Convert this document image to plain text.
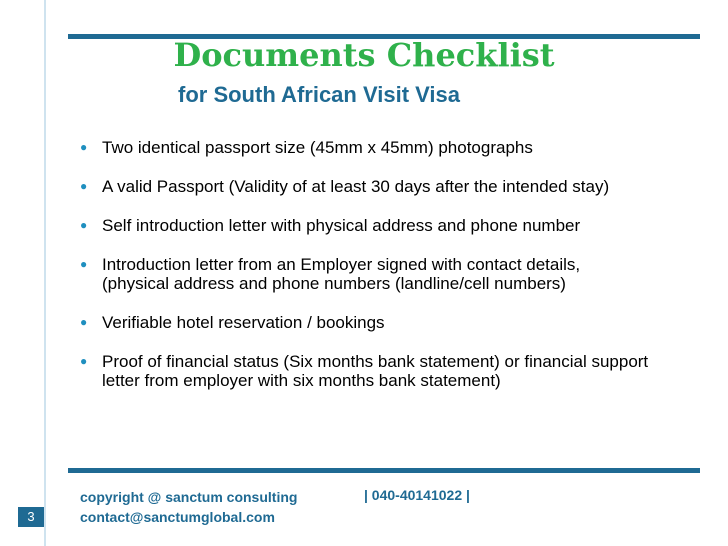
Documents Checklist
for South African Visit Visa
● Two identical passport size (45mm x 45mm) photographs
● A valid Passport (Validity of at least 30 days after the intended stay)
● Self introduction letter with physical address and phone number
● Introduction letter from an Employer signed with contact details, (physical address and phone numbers (landline/cell numbers)
● Verifiable hotel reservation / bookings
● Proof of financial status (Six months bank statement) or financial support letter from employer with six months bank statement)
copyright @ sanctum consulting
contact@sanctumglobal.com
| 040-40141022 |
3
